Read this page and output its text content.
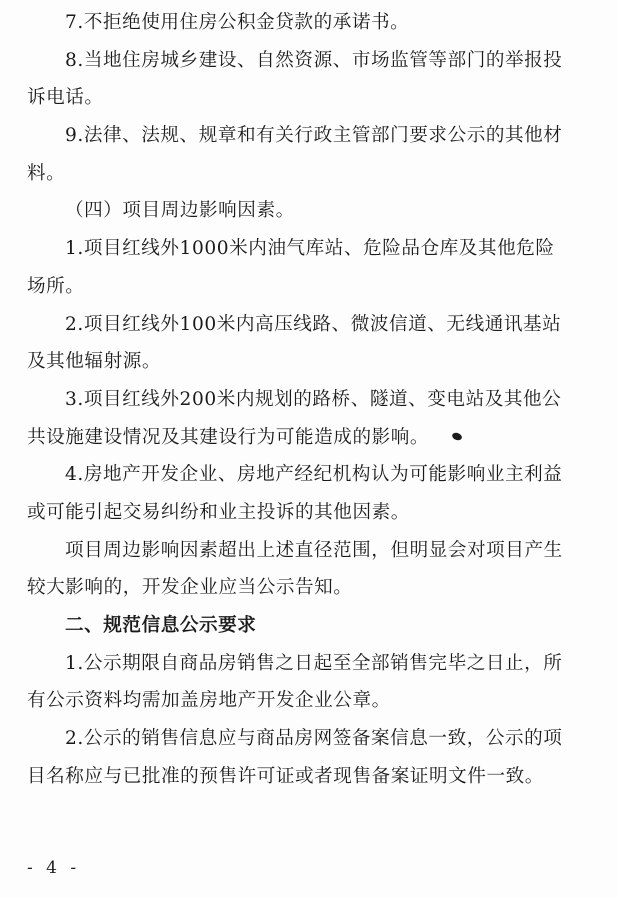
7.不拒绝使用住房公积金贷款的承诺书。
8.当地住房城乡建设、自然资源、市场监管等部门的举报投
诉电话。
9.法律、法规、规章和有关行政主管部门要求公示的其他材
料。
（四）项目周边影响因素。
1.项目红线外1000米内油气库站、危险品仓库及其他危险
场所。
2.项目红线外100米内高压线路、微波信道、无线通讯基站
及其他辐射源。
3.项目红线外200米内规划的路桥、隧道、变电站及其他公
共设施建设情况及其建设行为可能造成的影响。
4.房地产开发企业、房地产经纪机构认为可能影响业主利益
或可能引起交易纠纷和业主投诉的其他因素。
项目周边影响因素超出上述直径范围，但明显会对项目产生
较大影响的，开发企业应当公示告知。
二、规范信息公示要求
1.公示期限自商品房销售之日起至全部销售完毕之日止，所
有公示资料均需加盖房地产开发企业公章。
2.公示的销售信息应与商品房网签备案信息一致，公示的项
目名称应与已批准的预售许可证或者现售备案证明文件一致。
- 4 -
